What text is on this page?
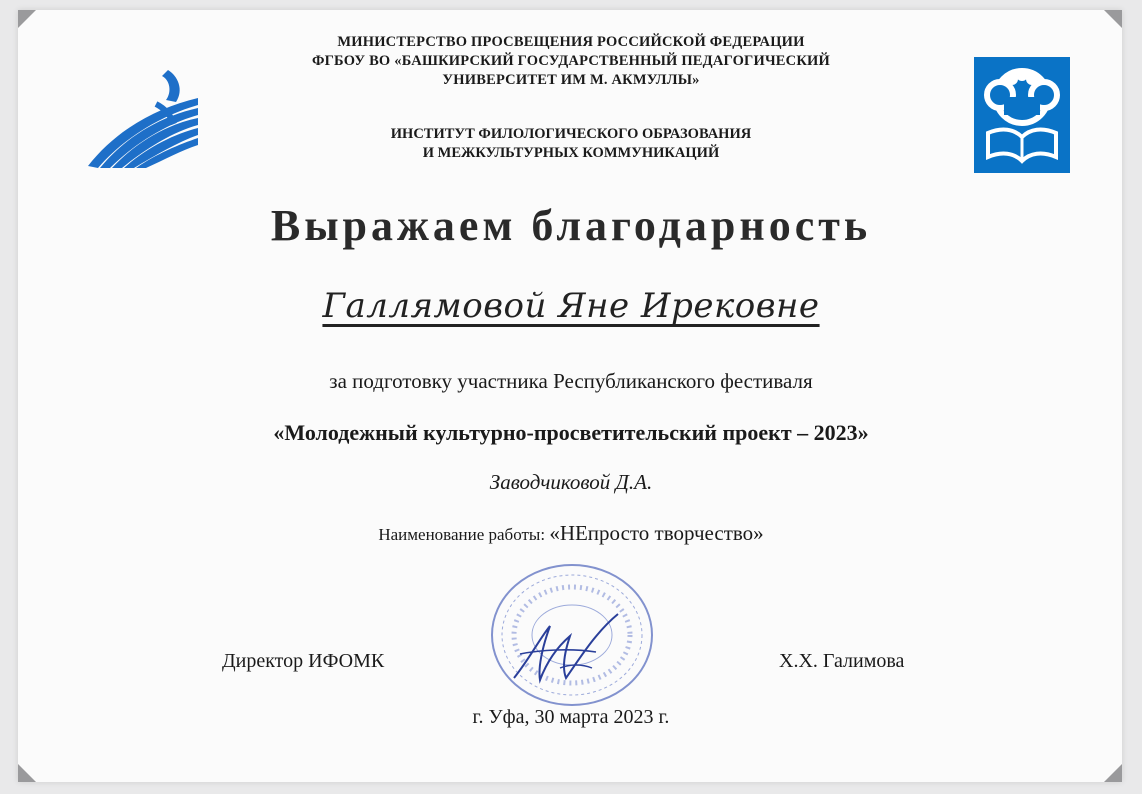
МИНИСТЕРСТВО ПРОСВЕЩЕНИЯ РОССИЙСКОЙ ФЕДЕРАЦИИ
ФГБОУ ВО «БАШКИРСКИЙ ГОСУДАРСТВЕННЫЙ ПЕДАГОГИЧЕСКИЙ
УНИВЕРСИТЕТ ИМ М. АКМУЛЛЫ»
ИНСТИТУТ ФИЛОЛОГИЧЕСКОГО ОБРАЗОВАНИЯ
И МЕЖКУЛЬТУРНЫХ КОММУНИКАЦИЙ
Выражаем благодарность
Галлямовой Яне Ирековне
за подготовку участника Республиканского фестиваля
«Молодежный культурно-просветительский проект – 2023»
Заводчиковой Д.А.
Наименование работы: «НЕпросто творчество»
Директор ИФОМК	Х.Х. Галимова
г. Уфа, 30 марта 2023 г.
